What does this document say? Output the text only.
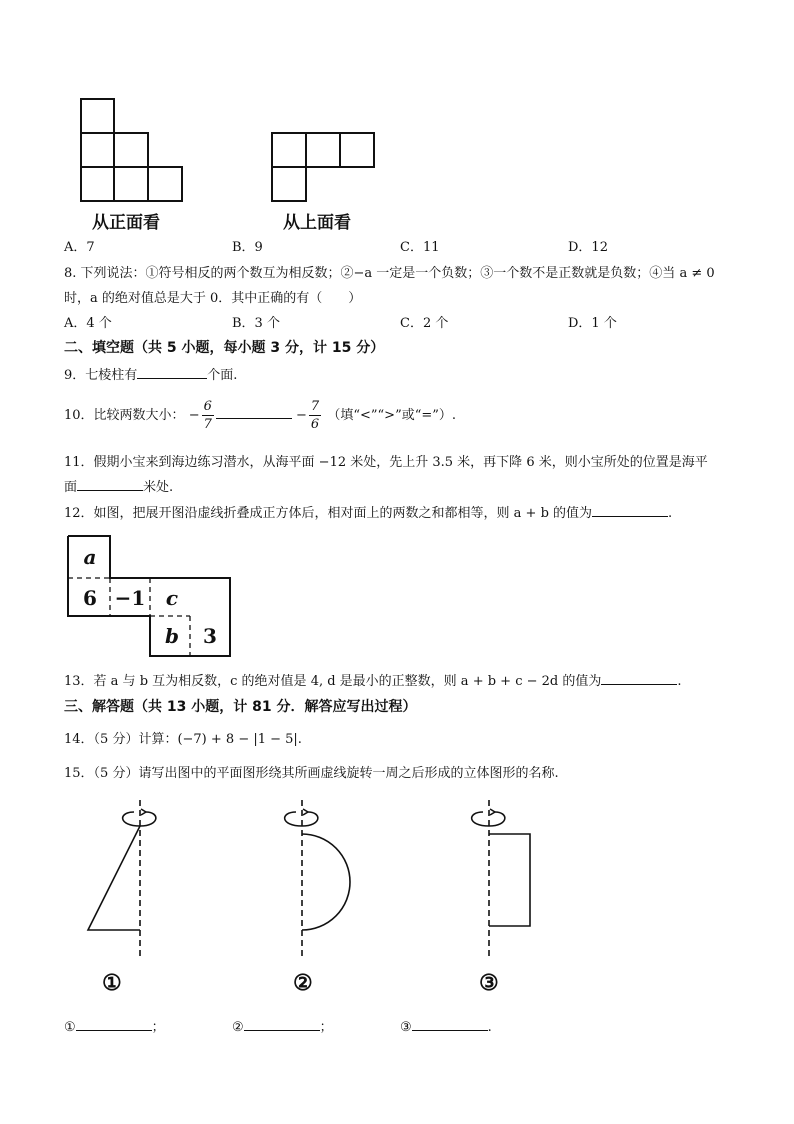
从正面看	从上面看
A．7	B．9	C．11	D．12
8. 下列说法：①符号相反的两个数互为相反数；②−a 一定是一个负数；③一个数不是正数就是负数；④当 a ≠ 0
时，a 的绝对值总是大于 0．其中正确的有（　　）
A．4 个	B．3 个	C．2 个	D．1 个
二、填空题（共 5 小题，每小题 3 分，计 15 分）
9．七棱柱有	个面.
10．比较两数大小： − $\frac{6}{7}$	− $\frac{7}{6}$ （填“<”“>”或“=”）.
11．假期小宝来到海边练习潜水，从海平面 −12 米处，先上升 3.5 米，再下降 6 米，则小宝所处的位置是海平
面	米处.
12．如图，把展开图沿虚线折叠成正方体后，相对面上的两数之和都相等，则 a + b 的值为	.
a
6 −1	c
b	3
13．若 a 与 b 互为相反数，c 的绝对值是 4, d 是最小的正整数，则 a + b + c − 2d 的值为	.
三、解答题（共 13 小题，计 81 分．解答应写出过程）
14．（5 分）计算：(−7) + 8 − |1 − 5|.
15．（5 分）请写出图中的平面图形绕其所画虚线旋转一周之后形成的立体图形的名称.
①	②	③
①	；	②	；	③	.
